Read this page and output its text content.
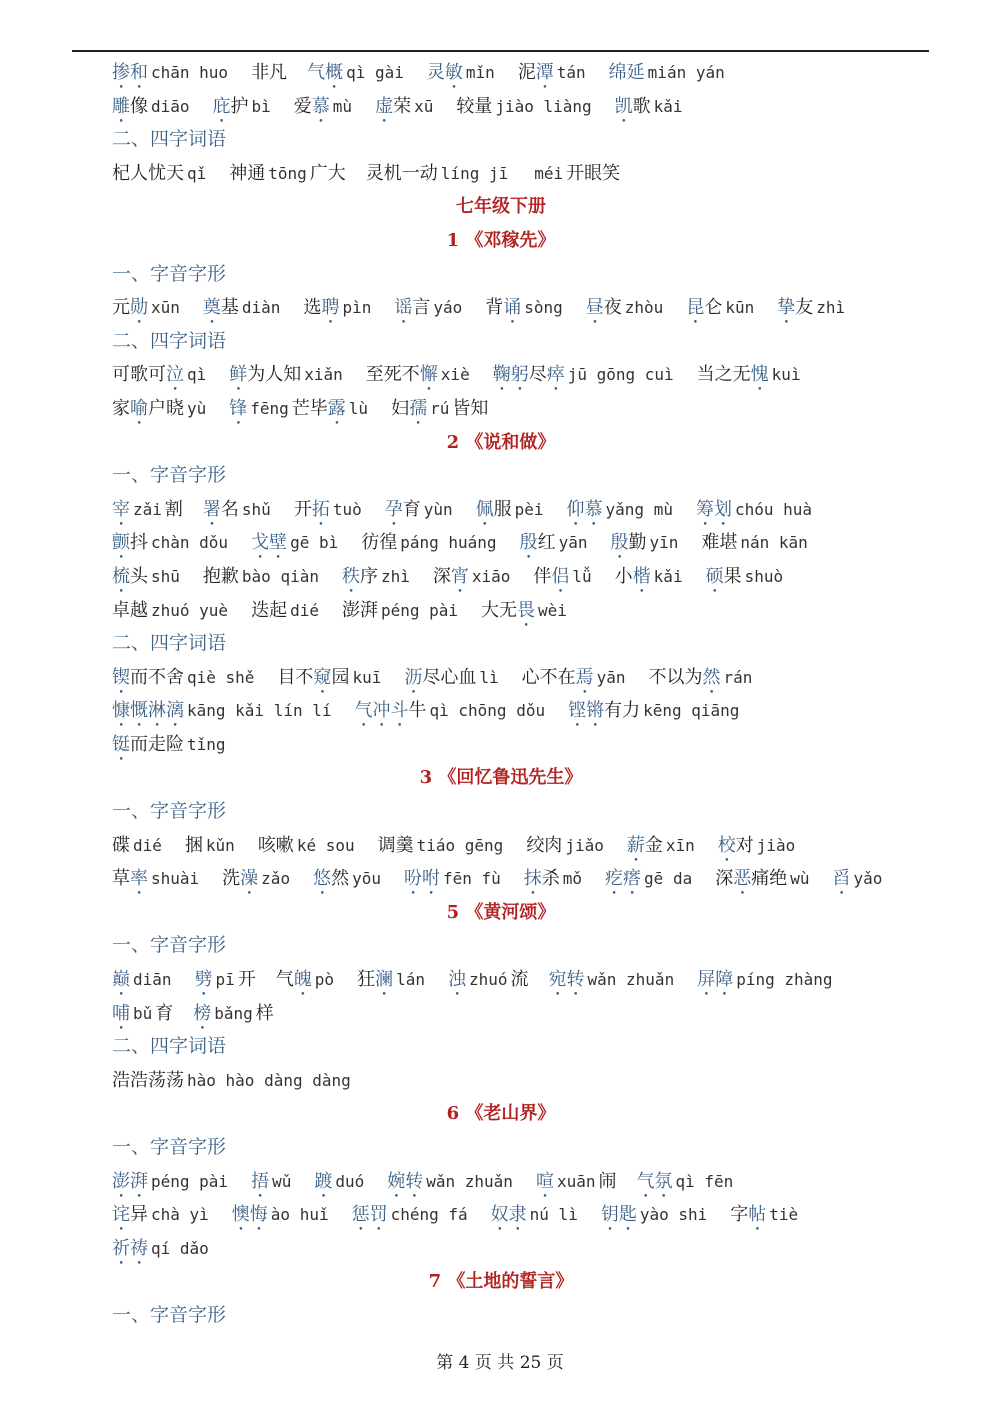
掺和 chān huo 非凡 气概 qì gài 灵敏 mǐn 泥潭 tán 绵延 mián yán
雕像 diāo 庇护 bì 爱慕 mù 虚荣 xū 较量 jiào liàng 凯歌 kǎi
二、四字词语
杞人忧天 qǐ 神通 tōng 广大 灵机一动 líng jī méi 开眼笑
七年级下册
1 《邓稼先》
一、字音字形
元勋 xūn 奠基 diàn 选聘 pìn 谣言 yáo 背诵 sòng 昼夜 zhòu 昆仑 kūn 挚友 zhì
二、四字词语
可歌可泣 qì 鲜为人知 xiǎn 至死不懈 xiè 鞠躬尽瘁 jū gōng cuì 当之无愧 kuì
家喻户晓 yù 锋 fēng 芒毕露 lù 妇孺 rú 皆知
2 《说和做》
一、字音字形
宰 zǎi 割 署名 shǔ 开拓 tuò 孕育 yùn 佩服 pèi 仰慕 yǎng mù 筹划 chóu huà
颤抖 chàn dǒu 戈壁 gē bì 彷徨 páng huáng 殷红 yān 殷勤 yīn 难堪 nán kān
梳头 shū 抱歉 bào qiàn 秩序 zhì 深宵 xiāo 伴侣 lǚ 小楷 kǎi 硕果 shuò
卓越 zhuó yuè 迭起 dié 澎湃 péng pài 大无畏 wèi
二、四字词语
锲而不舍 qiè shě 目不窥园 kuī 沥尽心血 lì 心不在焉 yān 不以为然 rán
慷慨淋漓 kāng kǎi lín lí 气冲斗牛 qì chōng dǒu 铿锵有力 kēng qiāng
铤而走险 tǐng
3 《回忆鲁迅先生》
一、字音字形
碟 dié 捆 kǔn 咳嗽 ké sou 调羹 tiáo gēng 绞肉 jiǎo 薪金 xīn 校对 jiào
草率 shuài 洗澡 zǎo 悠然 yōu 吩咐 fēn fù 抹杀 mǒ 疙瘩 gē da 深恶痛绝 wù 舀 yǎo
5 《黄河颂》
一、字音字形
巅 diān 劈 pī 开 气魄 pò 狂澜 lán 浊 zhuó 流 宛转 wǎn zhuǎn 屏障 píng zhàng
哺 bǔ 育 榜 bǎng 样
二、四字词语
浩浩荡荡 hào hào dàng dàng
6 《老山界》
一、字音字形
澎湃 péng pài 捂 wǔ 踱 duó 婉转 wǎn zhuǎn 喧 xuān 闹 气氛 qì fēn
诧异 chà yì 懊悔 ào huǐ 惩罚 chéng fá 奴隶 nú lì 钥匙 yào shi 字帖 tiè
祈祷 qí dǎo
7 《土地的誓言》
一、字音字形
第 4 页 共 25 页
